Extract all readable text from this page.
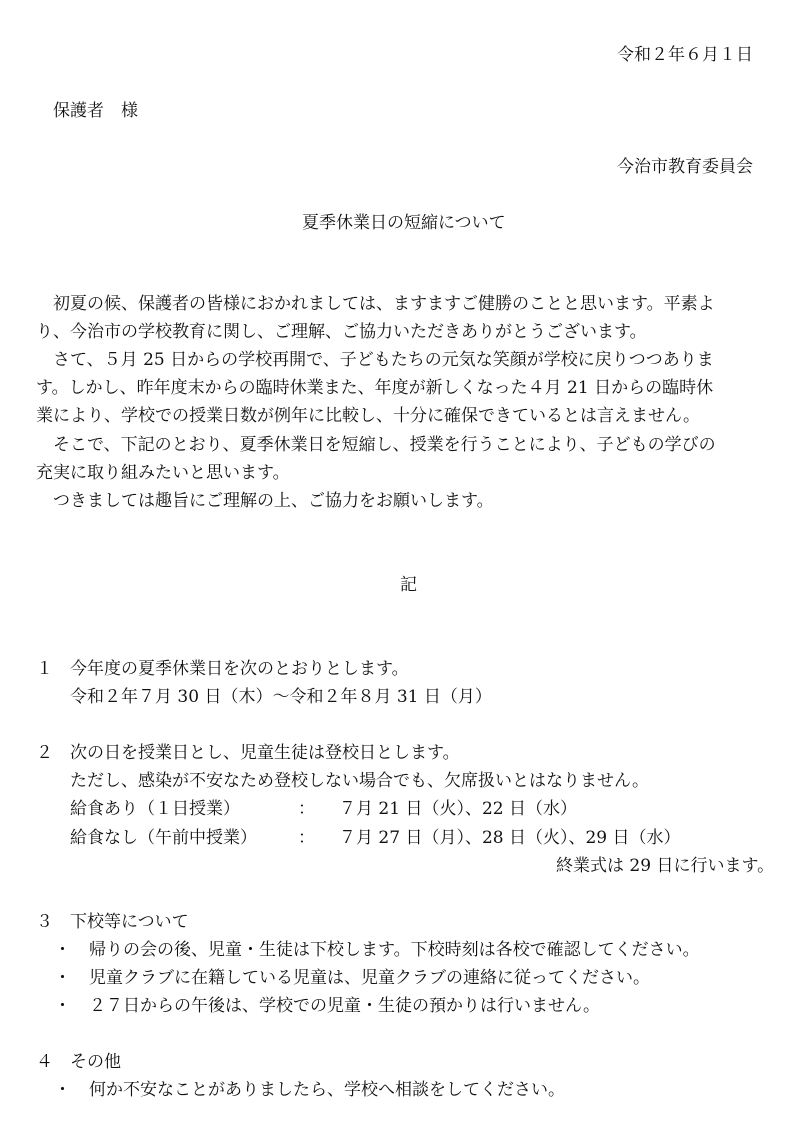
令和２年６月１日
保護者　様
今治市教育委員会
夏季休業日の短縮について
初夏の候、保護者の皆様におかれましては、ますますご健勝のことと思います。平素よ
り、今治市の学校教育に関し、ご理解、ご協力いただきありがとうございます。
さて、５月 25 日からの学校再開で、子どもたちの元気な笑顔が学校に戻りつつありま
す。しかし、昨年度末からの臨時休業また、年度が新しくなった４月 21 日からの臨時休
業により、学校での授業日数が例年に比較し、十分に確保できているとは言えません。
そこで、下記のとおり、夏季休業日を短縮し、授業を行うことにより、子どもの学びの
充実に取り組みたいと思います。
つきましては趣旨にご理解の上、ご協力をお願いします。
記
１ 今年度の夏季休業日を次のとおりとします。
令和２年７月 30 日（木）～令和２年８月 31 日（月）
２ 次の日を授業日とし、児童生徒は登校日とします。
ただし、感染が不安なため登校しない場合でも、欠席扱いとはなりません。
給食あり（１日授業）	： ７月 21 日（火）、22 日（水）
給食なし（午前中授業） ： ７月 27 日（月）、28 日（火）、29 日（水）
終業式は 29 日に行います。
３ 下校等について
・ 帰りの会の後、児童・生徒は下校します。下校時刻は各校で確認してください。
・ 児童クラブに在籍している児童は、児童クラブの連絡に従ってください。
・ ２７日からの午後は、学校での児童・生徒の預かりは行いません。
４ その他
・ 何か不安なことがありましたら、学校へ相談をしてください。
